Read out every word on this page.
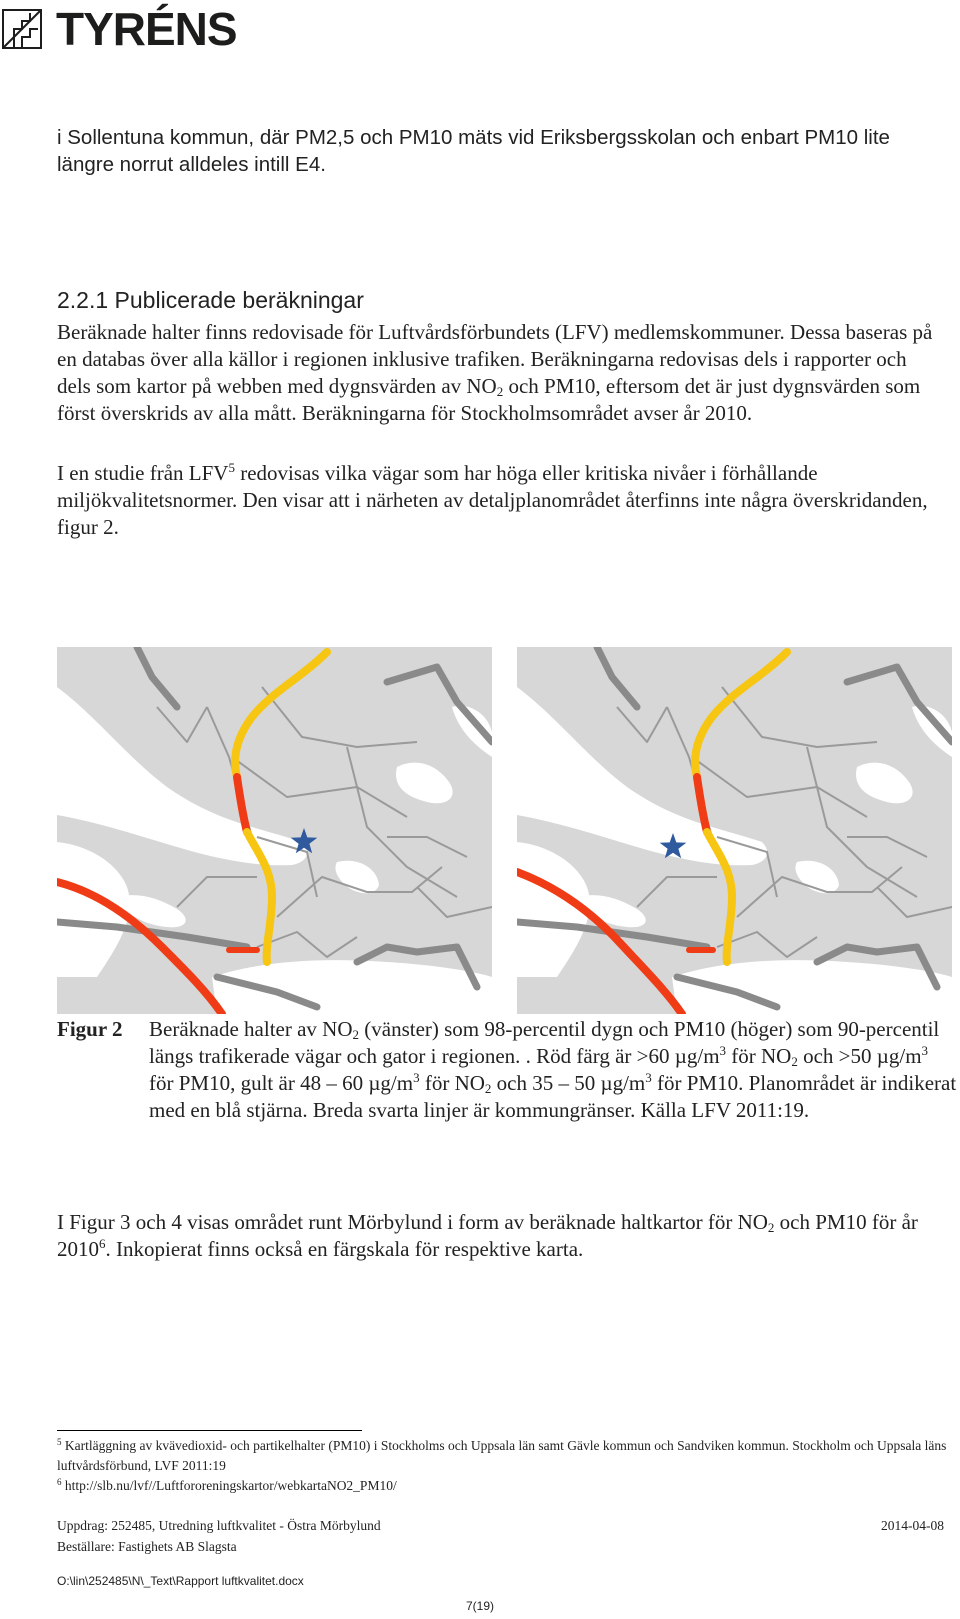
TYRÉNS
i Sollentuna kommun, där PM2,5 och PM10 mäts vid Eriksbergsskolan och enbart PM10 lite längre norrut alldeles intill E4.
2.2.1 Publicerade beräkningar
Beräknade halter finns redovisade för Luftvårdsförbundets (LFV) medlemskommuner. Dessa baseras på en databas över alla källor i regionen inklusive trafiken. Beräkningarna redovisas dels i rapporter och dels som kartor på webben med dygnsvärden av $NO_2$ och PM10, eftersom det är just dygnsvärden som först överskrids av alla mått. Beräkningarna för Stockholmsområdet avser år 2010.
I en studie från LFV$^5$ redovisas vilka vägar som har höga eller kritiska nivåer i förhållande miljökvalitetsnormer. Den visar att i närheten av detaljplanområdet återfinns inte några överskridanden, figur 2.
Figur 2 Beräknade halter av $NO_2$ (vänster) som 98-percentil dygn och PM10 (höger) som 90-percentil längs trafikerade vägar och gator i regionen. . Röd färg är >60 $\mu g/m^3$ för $NO_2$ och >50 $\mu g/m^3$ för PM10, gult är 48 – 60 $\mu g/m^3$ för $NO_2$ och 35 – 50 $\mu g/m^3$ för PM10. Planområdet är indikerat med en blå stjärna. Breda svarta linjer är kommungränser. Källa LFV 2011:19.
I Figur 3 och 4 visas området runt Mörbylund i form av beräknade haltkartor för $NO_2$ och PM10 för år 2010$^6$. Inkopierat finns också en färgskala för respektive karta.
$^5$ Kartläggning av kvävedioxid- och partikelhalter (PM10) i Stockholms och Uppsala län samt Gävle kommun och Sandviken kommun. Stockholm och Uppsala läns luftvårdsförbund, LVF 2011:19
$^6$ http://slb.nu/lvf//Luftfororeningskartor/webkartaNO2_PM10/
Uppdrag: 252485, Utredning luftkvalitet - Östra Mörbylund	2014-04-08
Beställare: Fastighets AB Slagsta
O:\lin\252485\N\_Text\Rapport luftkvalitet.docx
7(19)
